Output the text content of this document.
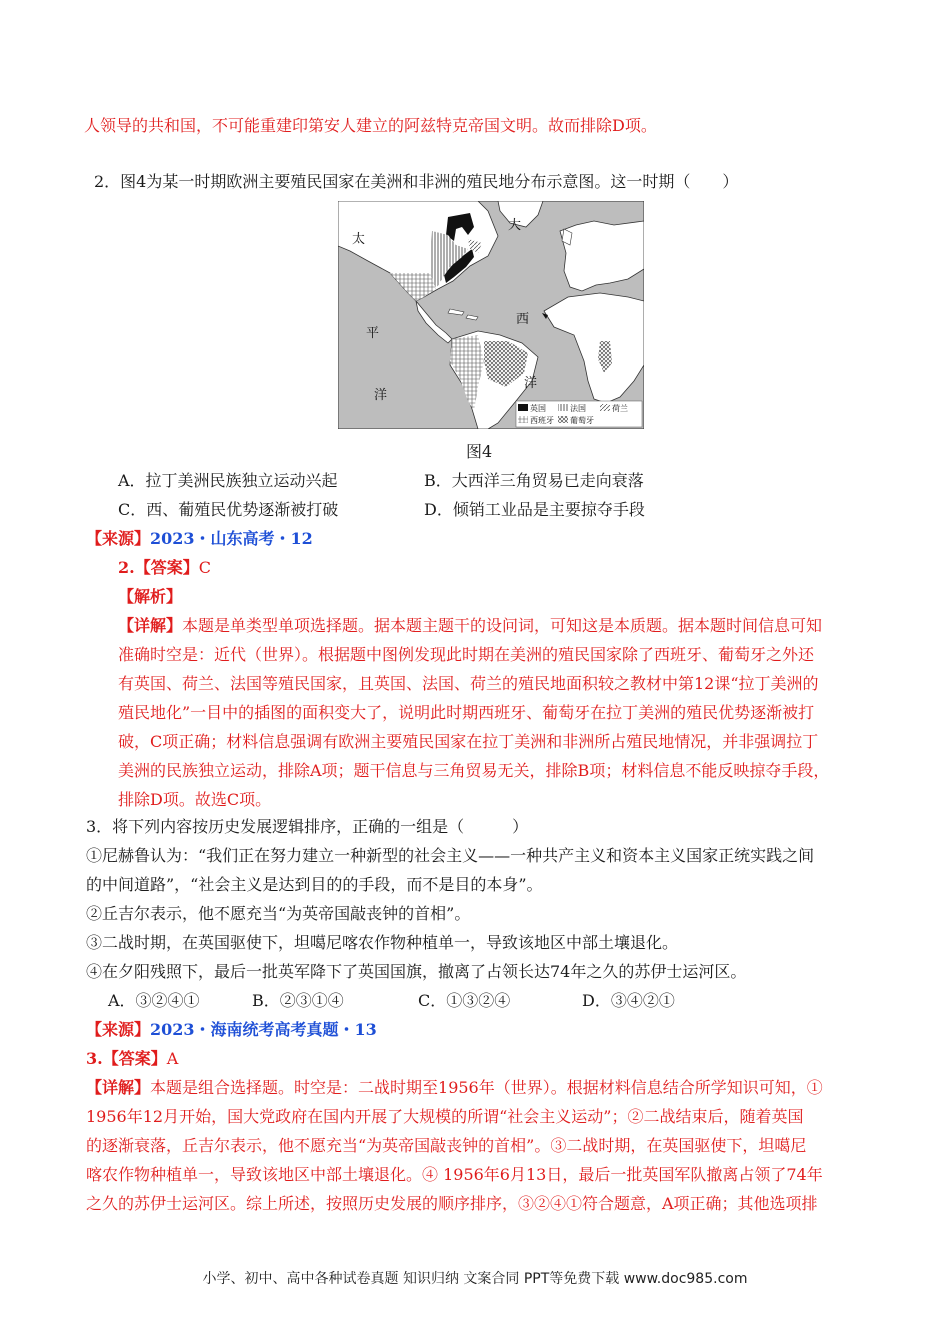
人领导的共和国，不可能重建印第安人建立的阿兹特克帝国文明。故而排除D项。
2．图4为某一时期欧洲主要殖民国家在美洲和非洲的殖民地分布示意图。这一时期（　　）
太
平
洋
大
西
洋
英国	法国	荷兰
西班牙 葡萄牙
图4
A．拉丁美洲民族独立运动兴起	B．大西洋三角贸易已走向衰落
C．西、葡殖民优势逐渐被打破	D．倾销工业品是主要掠夺手段
【来源】2023・山东高考・12
2.【答案】C
【解析】
【详解】本题是单类型单项选择题。据本题主题干的设问词，可知这是本质题。据本题时间信息可知
准确时空是：近代（世界）。根据题中图例发现此时期在美洲的殖民国家除了西班牙、葡萄牙之外还
有英国、荷兰、法国等殖民国家，且英国、法国、荷兰的殖民地面积较之教材中第12课“拉丁美洲的
殖民地化”一目中的插图的面积变大了，说明此时期西班牙、葡萄牙在拉丁美洲的殖民优势逐渐被打
破，C项正确；材料信息强调有欧洲主要殖民国家在拉丁美洲和非洲所占殖民地情况，并非强调拉丁
美洲的民族独立运动，排除A项；题干信息与三角贸易无关，排除B项；材料信息不能反映掠夺手段，
排除D项。故选C项。
3．将下列内容按历史发展逻辑排序，正确的一组是（　　　）
①尼赫鲁认为：“我们正在努力建立一种新型的社会主义——一种共产主义和资本主义国家正统实践之间
的中间道路”，“社会主义是达到目的的手段，而不是目的本身”。
②丘吉尔表示，他不愿充当“为英帝国敲丧钟的首相”。
③二战时期，在英国驱使下，坦噶尼喀农作物种植单一，导致该地区中部土壤退化。
④在夕阳残照下，最后一批英军降下了英国国旗，撤离了占领长达74年之久的苏伊士运河区。
A．③②④①	B．②③①④	C．①③②④	D．③④②①
【来源】2023・海南统考高考真题・13
3.【答案】A
【详解】本题是组合选择题。时空是：二战时期至1956年（世界）。根据材料信息结合所学知识可知，①
1956年12月开始，国大党政府在国内开展了大规模的所谓“社会主义运动”；②二战结束后，随着英国
的逐渐衰落，丘吉尔表示，他不愿充当“为英帝国敲丧钟的首相”。③二战时期，在英国驱使下，坦噶尼
喀农作物种植单一，导致该地区中部土壤退化。④ 1956年6月13日，最后一批英国军队撤离占领了74年
之久的苏伊士运河区。综上所述，按照历史发展的顺序排序，③②④①符合题意，A项正确；其他选项排
小学、初中、高中各种试卷真题 知识归纳 文案合同 PPT等免费下载 www.doc985.com
